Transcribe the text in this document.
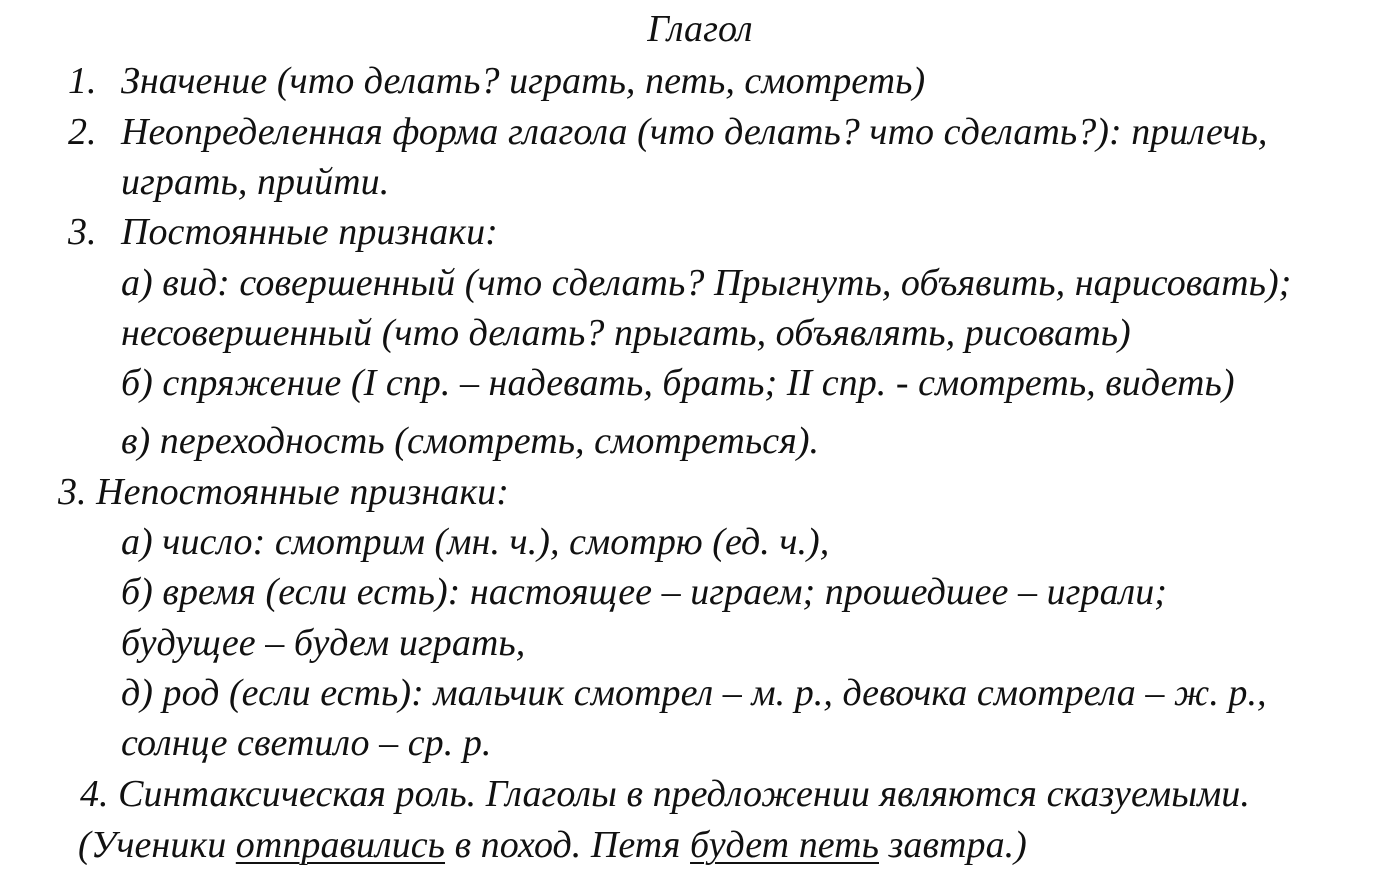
Глагол
1. Значение (что делать? играть, петь, смотреть)
2. Неопределенная форма глагола (что делать? что сделать?): прилечь,
играть, прийти.
3. Постоянные признаки:
а) вид: совершенный (что сделать? Прыгнуть, объявить, нарисовать);
несовершенный (что делать? прыгать, объявлять, рисовать)
б) спряжение (I спр. – надевать, брать; II спр. - смотреть, видеть)
в) переходность (смотреть, смотреться).
3. Непостоянные признаки:
а) число: смотрим (мн. ч.), смотрю (ед. ч.),
б) время (если есть): настоящее – играем; прошедшее – играли;
будущее – будем играть,
д) род (если есть): мальчик смотрел – м. р., девочка смотрела – ж. р.,
солнце светило – ср. р.
4. Синтаксическая роль. Глаголы в предложении являются сказуемыми.
(Ученики отправились в поход. Петя будет петь завтра.)
